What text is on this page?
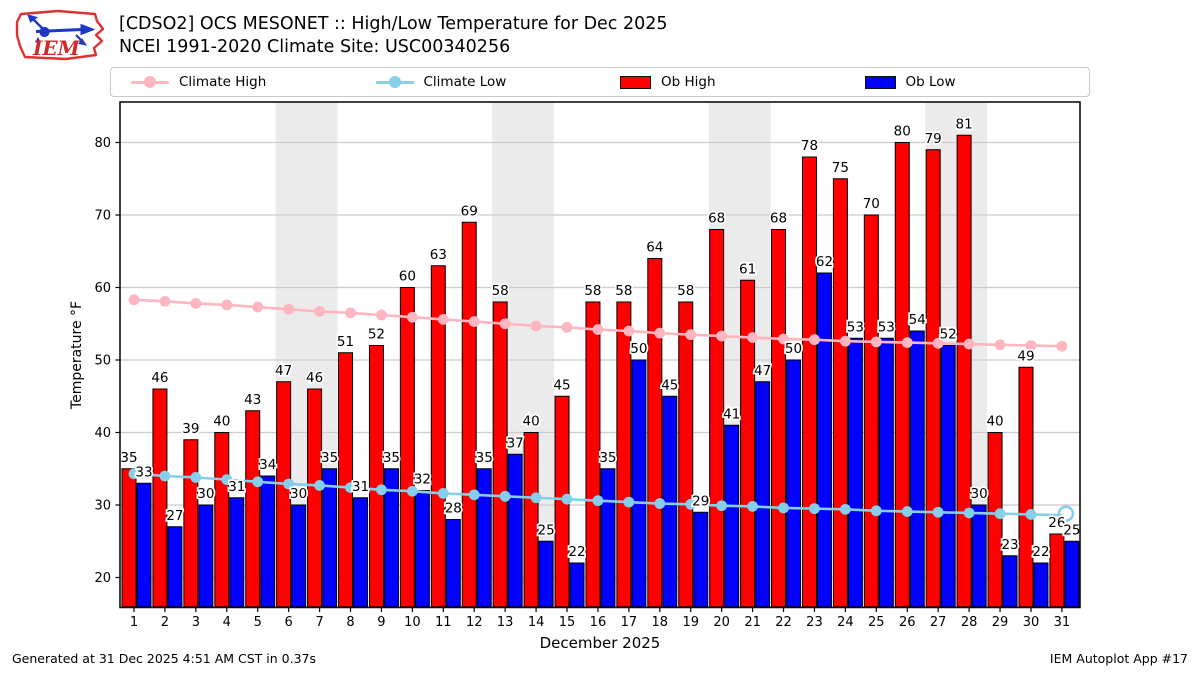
IEM
[CDSO2] OCS MESONET :: High/Low Temperature for Dec 2025
NCEI 1991-2020 Climate Site: USC00340256
Climate High	Climate Low	Ob High	Ob Low
35
33
46
27
39
30
40
31
43
34
47
30
46
35
51
31
52
35
60
32
63
28
69
35
58
37
40
25
45
22
58
35
58
50
64
45
58
29
68
41
61
47
68
50
78
62
75
53
70
53
80
54
79
52
81
30
40
23
49
22
26
25
1 2 3 4 5 6 7 8 9 10 11 12 13 14 15 16 17 18 19 20 21 22 23 24 25 26 27 28 29 30 31
20
30
40
50
60
70
80
December 2025
Temperature °F
Generated at 31 Dec 2025 4:51 AM CST in 0.37s	IEM Autoplot App #17
